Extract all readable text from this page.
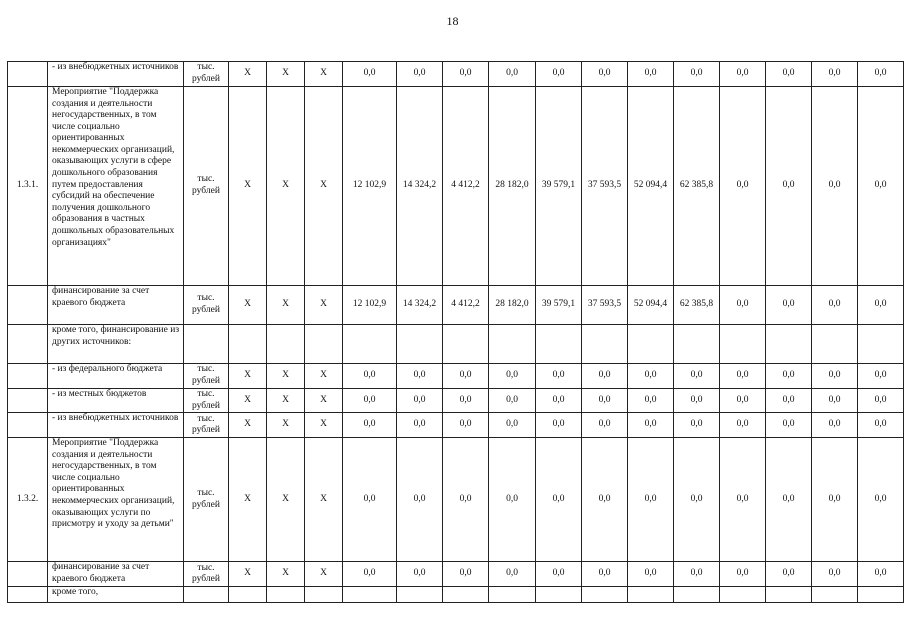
18
	- из внебюджетных источников	тыс. рублей	Х	Х	Х	0,0	0,0	0,0	0,0	0,0	0,0	0,0	0,0	0,0	0,0	0,0	0,0
1.3.1.	Мероприятие "Поддержка создания и деятельности негосударственных, в том числе социально ориентированных некоммерческих организаций, оказывающих услуги в сфере дошкольного образования путем предоставления субсидий на обеспечение получения дошкольного образования в частных дошкольных образовательных организациях"	тыс. рублей	Х	Х	Х	12 102,9	14 324,2	4 412,2	28 182,0	39 579,1	37 593,5	52 094,4	62 385,8	0,0	0,0	0,0	0,0
	финансирование за счет краевого бюджета	тыс. рублей	Х	Х	Х	12 102,9	14 324,2	4 412,2	28 182,0	39 579,1	37 593,5	52 094,4	62 385,8	0,0	0,0	0,0	0,0
	кроме того, финансирование из других источников:																
	- из федерального бюджета	тыс. рублей	Х	Х	Х	0,0	0,0	0,0	0,0	0,0	0,0	0,0	0,0	0,0	0,0	0,0	0,0
	- из местных бюджетов	тыс. рублей	Х	Х	Х	0,0	0,0	0,0	0,0	0,0	0,0	0,0	0,0	0,0	0,0	0,0	0,0
	- из внебюджетных источников	тыс. рублей	Х	Х	Х	0,0	0,0	0,0	0,0	0,0	0,0	0,0	0,0	0,0	0,0	0,0	0,0
1.3.2.	Мероприятие "Поддержка создания и деятельности негосударственных, в том числе социально ориентированных некоммерческих организаций, оказывающих услуги по присмотру и уходу за детьми"	тыс. рублей	Х	Х	Х	0,0	0,0	0,0	0,0	0,0	0,0	0,0	0,0	0,0	0,0	0,0	0,0
	финансирование за счет краевого бюджета	тыс. рублей	Х	Х	Х	0,0	0,0	0,0	0,0	0,0	0,0	0,0	0,0	0,0	0,0	0,0	0,0
	кроме того,																
